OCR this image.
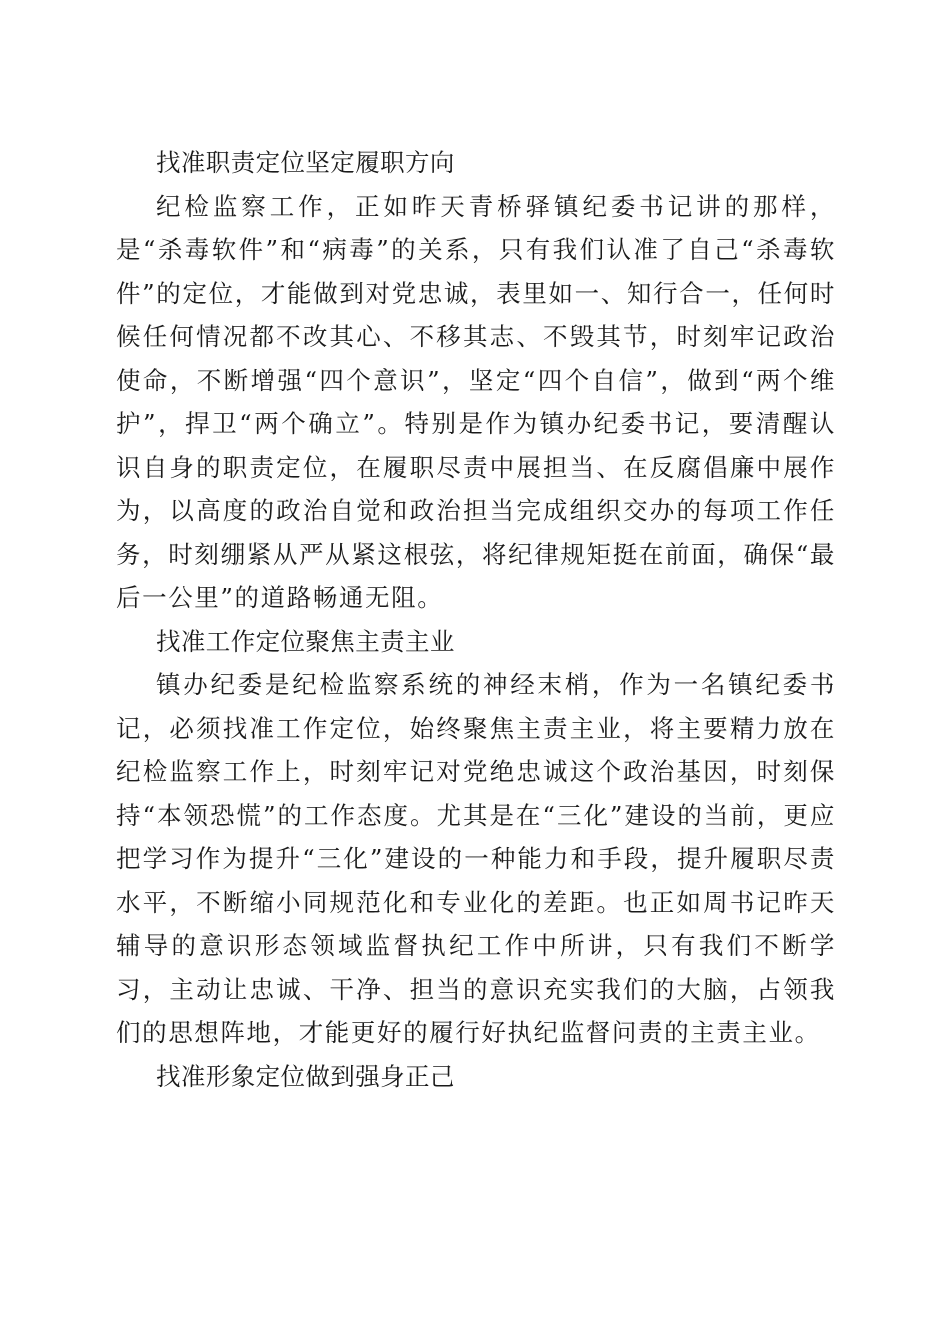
找准职责定位坚定履职方向

纪检监察工作，正如昨天青桥驿镇纪委书记讲的那样，是“杀毒软件”和“病毒”的关系，只有我们认准了自己“杀毒软件”的定位，才能做到对党忠诚，表里如一、知行合一，任何时候任何情况都不改其心、不移其志、不毁其节，时刻牢记政治使命，不断增强“四个意识”，坚定“四个自信”，做到“两个维护”，捍卫“两个确立”。特别是作为镇办纪委书记，要清醒认识自身的职责定位，在履职尽责中展担当、在反腐倡廉中展作为，以高度的政治自觉和政治担当完成组织交办的每项工作任务，时刻绷紧从严从紧这根弦，将纪律规矩挺在前面，确保“最后一公里”的道路畅通无阻。

找准工作定位聚焦主责主业

镇办纪委是纪检监察系统的神经末梢，作为一名镇纪委书记，必须找准工作定位，始终聚焦主责主业，将主要精力放在纪检监察工作上，时刻牢记对党绝忠诚这个政治基因，时刻保持“本领恐慌”的工作态度。尤其是在“三化”建设的当前，更应把学习作为提升“三化”建设的一种能力和手段，提升履职尽责水平，不断缩小同规范化和专业化的差距。也正如周书记昨天辅导的意识形态领域监督执纪工作中所讲，只有我们不断学习，主动让忠诚、干净、担当的意识充实我们的大脑，占领我们的思想阵地，才能更好的履行好执纪监督问责的主责主业。

找准形象定位做到强身正己
